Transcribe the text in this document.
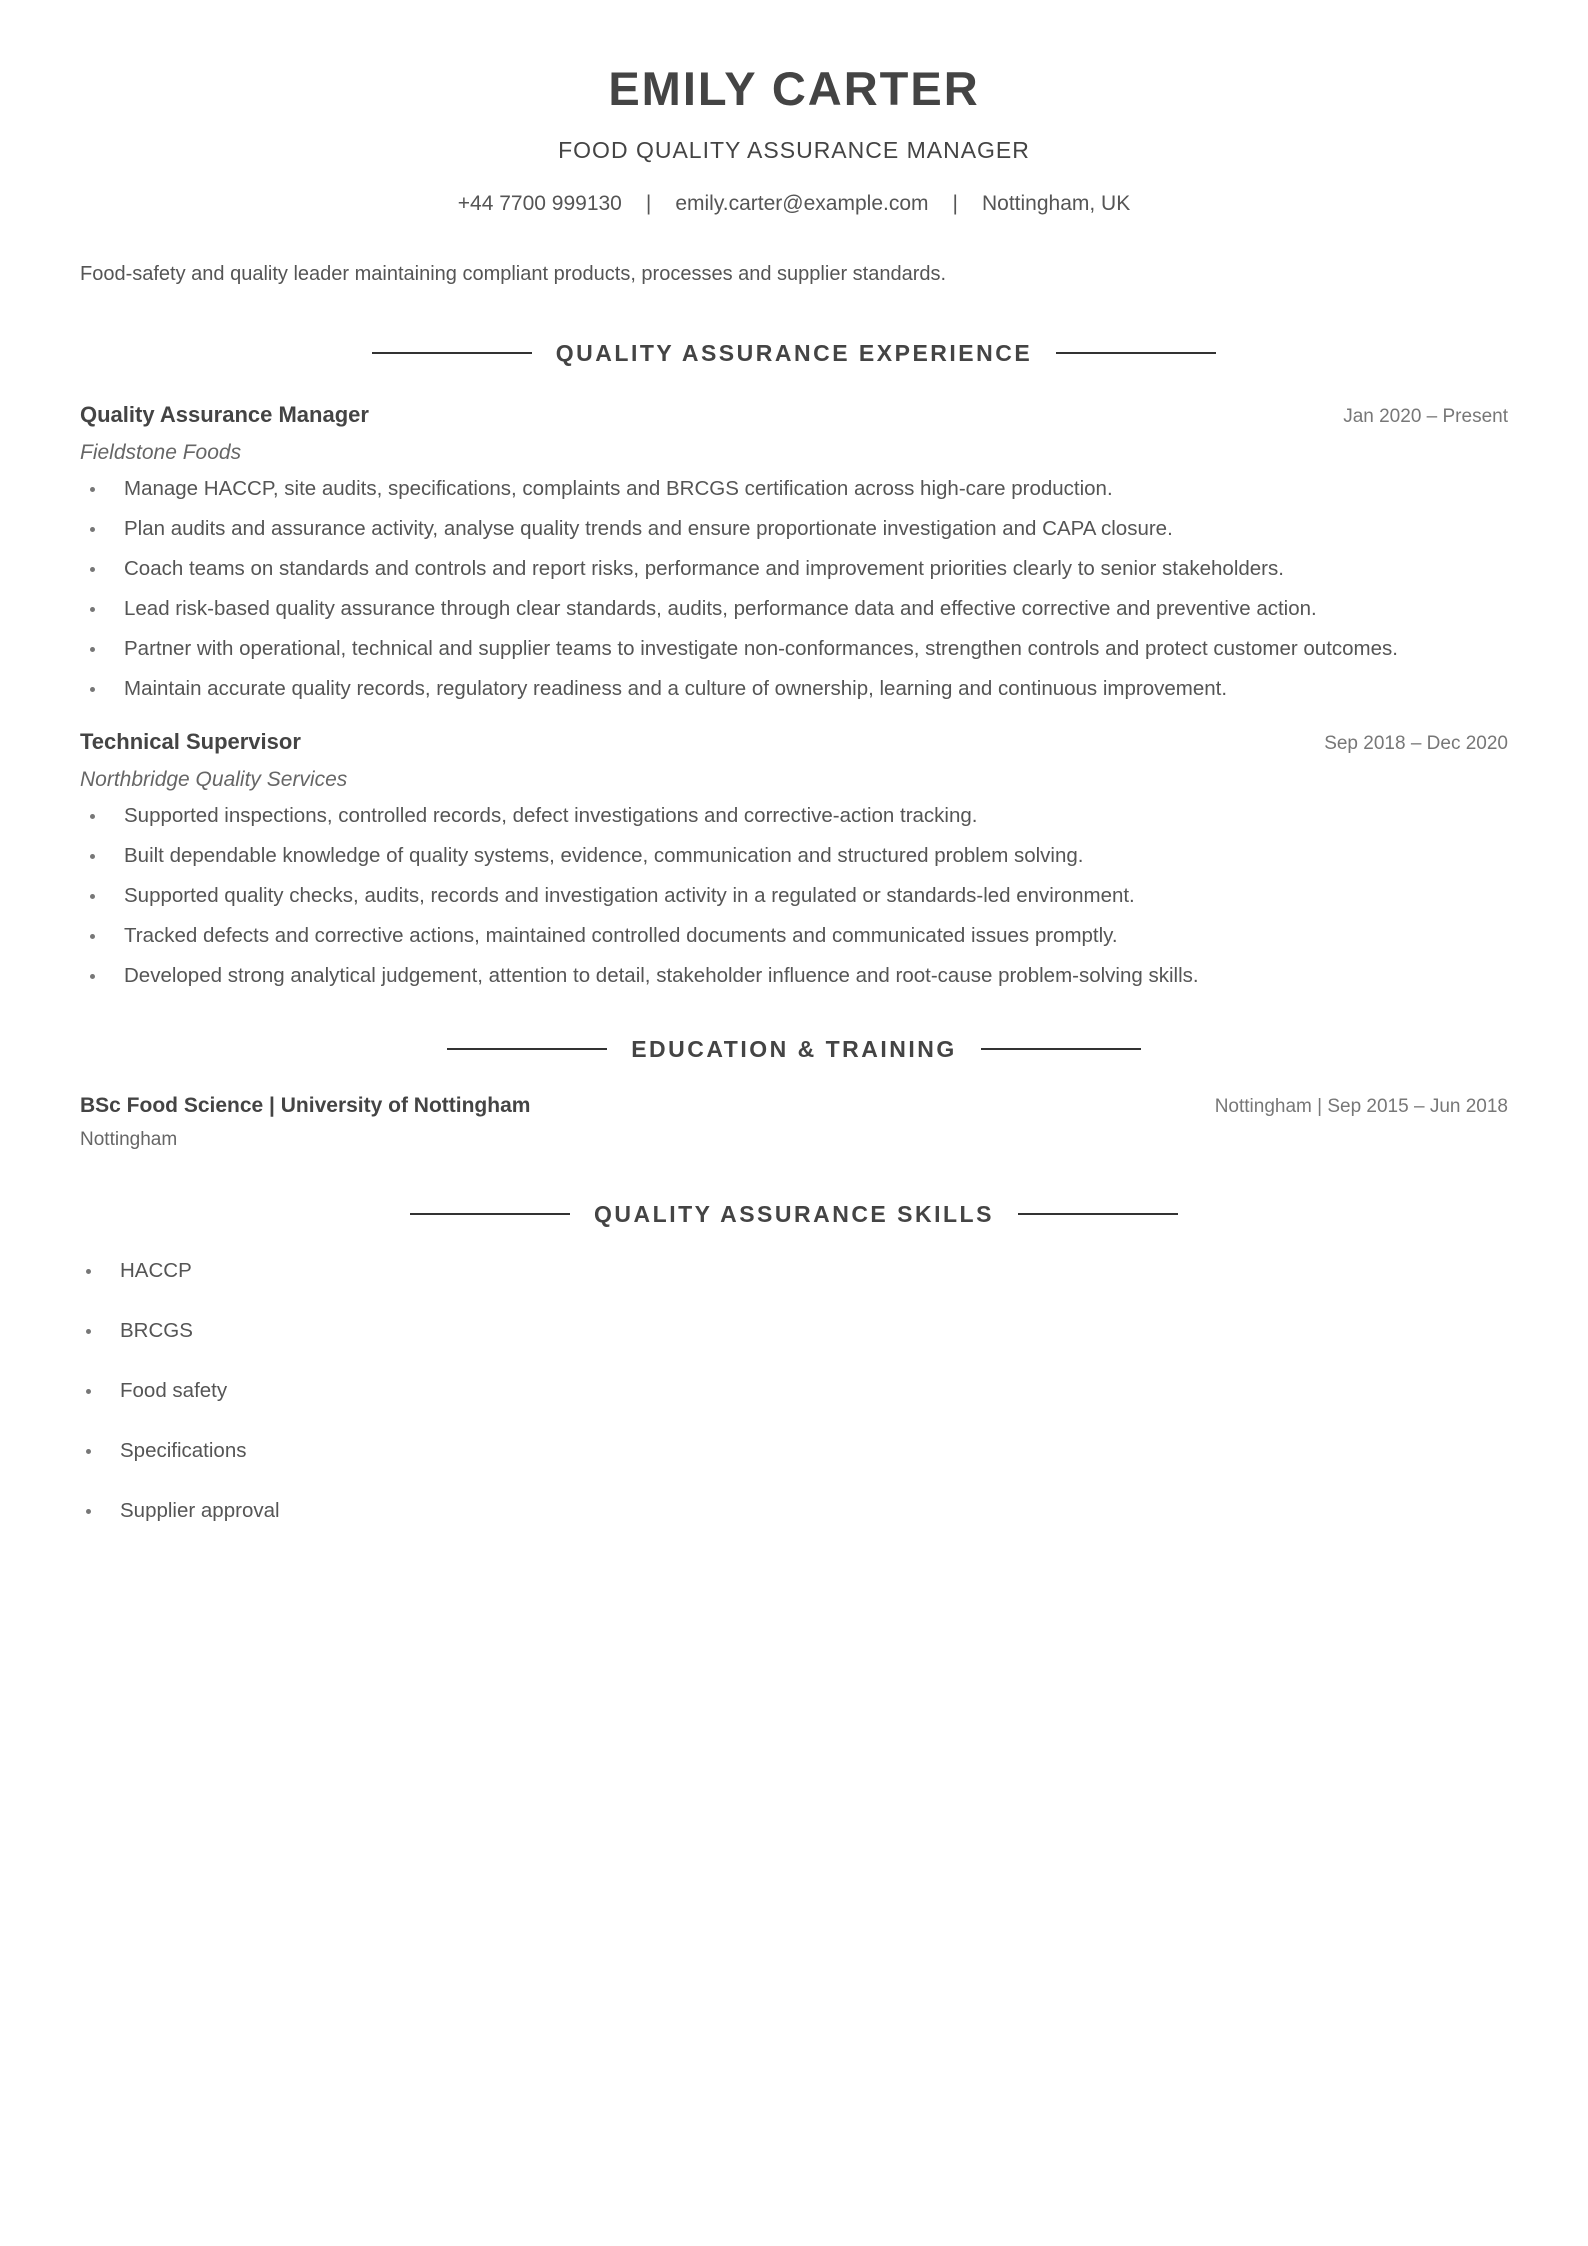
EMILY CARTER
FOOD QUALITY ASSURANCE MANAGER
+44 7700 999130 | emily.carter@example.com | Nottingham, UK
Food-safety and quality leader maintaining compliant products, processes and supplier standards.
QUALITY ASSURANCE EXPERIENCE
Quality Assurance Manager	Jan 2020 – Present
Fieldstone Foods
Manage HACCP, site audits, specifications, complaints and BRCGS certification across high-care production.
Plan audits and assurance activity, analyse quality trends and ensure proportionate investigation and CAPA closure.
Coach teams on standards and controls and report risks, performance and improvement priorities clearly to senior stakeholders.
Lead risk-based quality assurance through clear standards, audits, performance data and effective corrective and preventive action.
Partner with operational, technical and supplier teams to investigate non-conformances, strengthen controls and protect customer outcomes.
Maintain accurate quality records, regulatory readiness and a culture of ownership, learning and continuous improvement.
Technical Supervisor	Sep 2018 – Dec 2020
Northbridge Quality Services
Supported inspections, controlled records, defect investigations and corrective-action tracking.
Built dependable knowledge of quality systems, evidence, communication and structured problem solving.
Supported quality checks, audits, records and investigation activity in a regulated or standards-led environment.
Tracked defects and corrective actions, maintained controlled documents and communicated issues promptly.
Developed strong analytical judgement, attention to detail, stakeholder influence and root-cause problem-solving skills.
EDUCATION & TRAINING
BSc Food Science | University of Nottingham	Nottingham | Sep 2015 – Jun 2018
Nottingham
QUALITY ASSURANCE SKILLS
HACCP
BRCGS
Food safety
Specifications
Supplier approval
